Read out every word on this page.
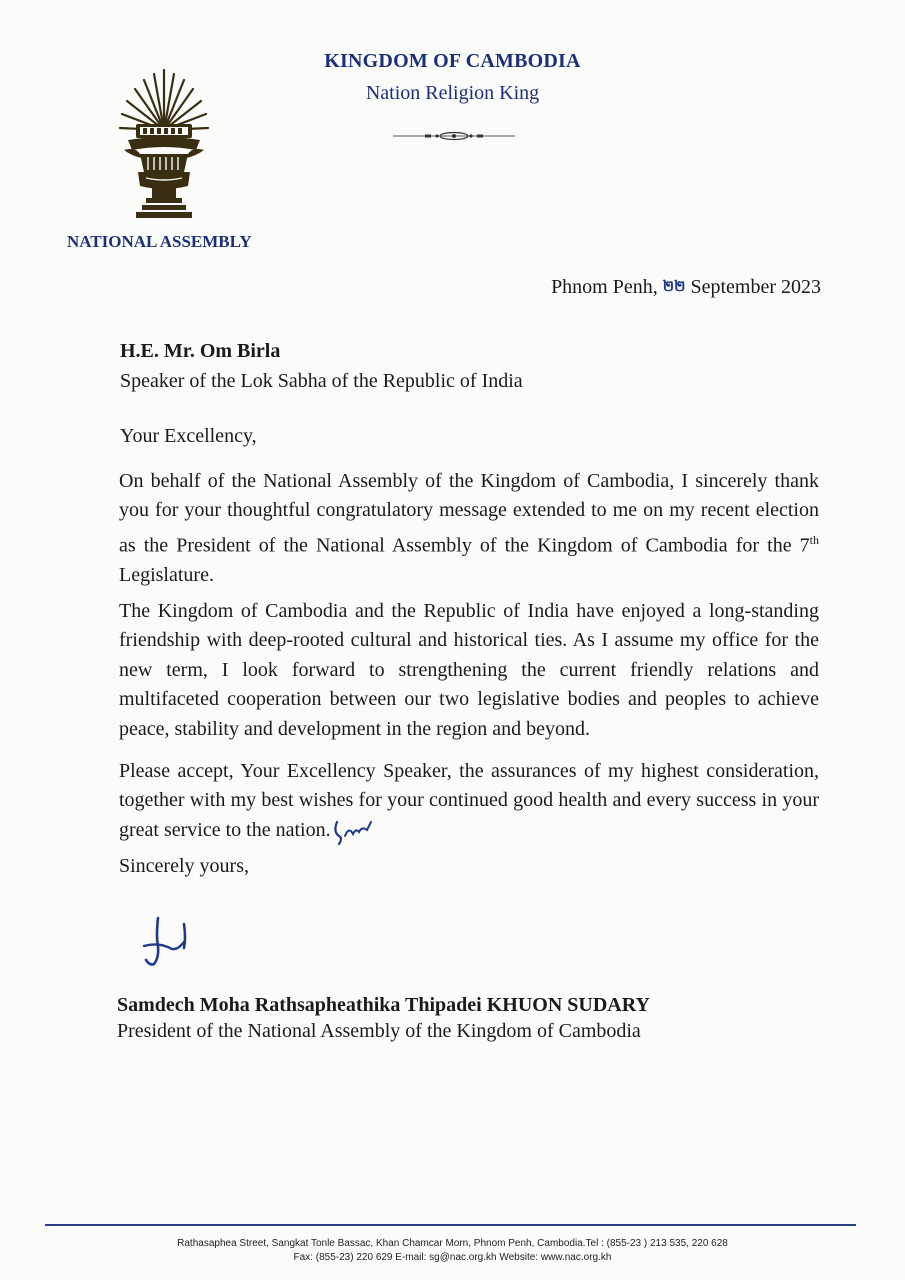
KINGDOM OF CAMBODIA
Nation Religion King
NATIONAL ASSEMBLY
Phnom Penh, ២២ September 2023
H.E. Mr. Om Birla
Speaker of the Lok Sabha of the Republic of India
Your Excellency,
On behalf of the National Assembly of the Kingdom of Cambodia, I sincerely thank you for your thoughtful congratulatory message extended to me on my recent election as the President of the National Assembly of the Kingdom of Cambodia for the 7th Legislature.
The Kingdom of Cambodia and the Republic of India have enjoyed a long-standing friendship with deep-rooted cultural and historical ties. As I assume my office for the new term, I look forward to strengthening the current friendly relations and multifaceted cooperation between our two legislative bodies and peoples to achieve peace, stability and development in the region and beyond.
Please accept, Your Excellency Speaker, the assurances of my highest consideration, together with my best wishes for your continued good health and every success in your great service to the nation.
Sincerely yours,
Samdech Moha Rathsapheathika Thipadei KHUON SUDARY
President of the National Assembly of the Kingdom of Cambodia
Rathasaphea Street, Sangkat Tonle Bassac, Khan Chamcar Morn, Phnom Penh, Cambodia.Tel : (855-23 ) 213 535, 220 628
Fax: (855-23) 220 629 E-mail: sg@nac.org.kh Website: www.nac.org.kh
